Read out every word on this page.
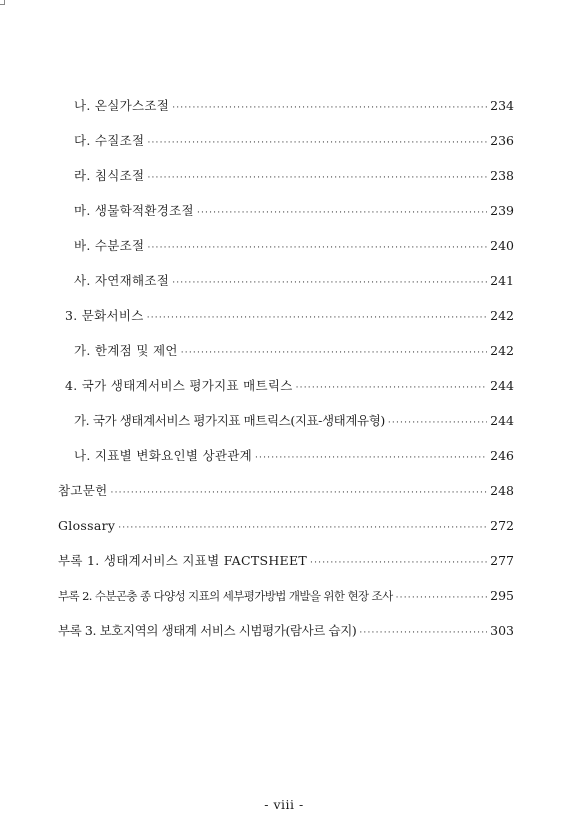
나. 온실가스조절 ·····	234
다. 수질조절 ·····	236
라. 침식조절 ·····	238
마. 생물학적환경조절 ·····	239
바. 수분조절 ·····	240
사. 자연재해조절 ·····	241
3. 문화서비스 ·····	242
가. 한계점 및 제언 ·····	242
4. 국가 생태계서비스 평가지표 매트릭스 ·····	244
가. 국가 생태계서비스 평가지표 매트릭스(지표-생태계유형) ·····	244
나. 지표별 변화요인별 상관관계 ·····	246
참고문헌 ·····	248
Glossary ·····	272
부록 1. 생태계서비스 지표별 FACTSHEET ·····	277
부록 2. 수분곤충 종 다양성 지표의 세부평가방법 개발을 위한 현장 조사 ·····	295
부록 3. 보호지역의 생태계 서비스 시범평가(람사르 습지) ·····	303
- viii -
